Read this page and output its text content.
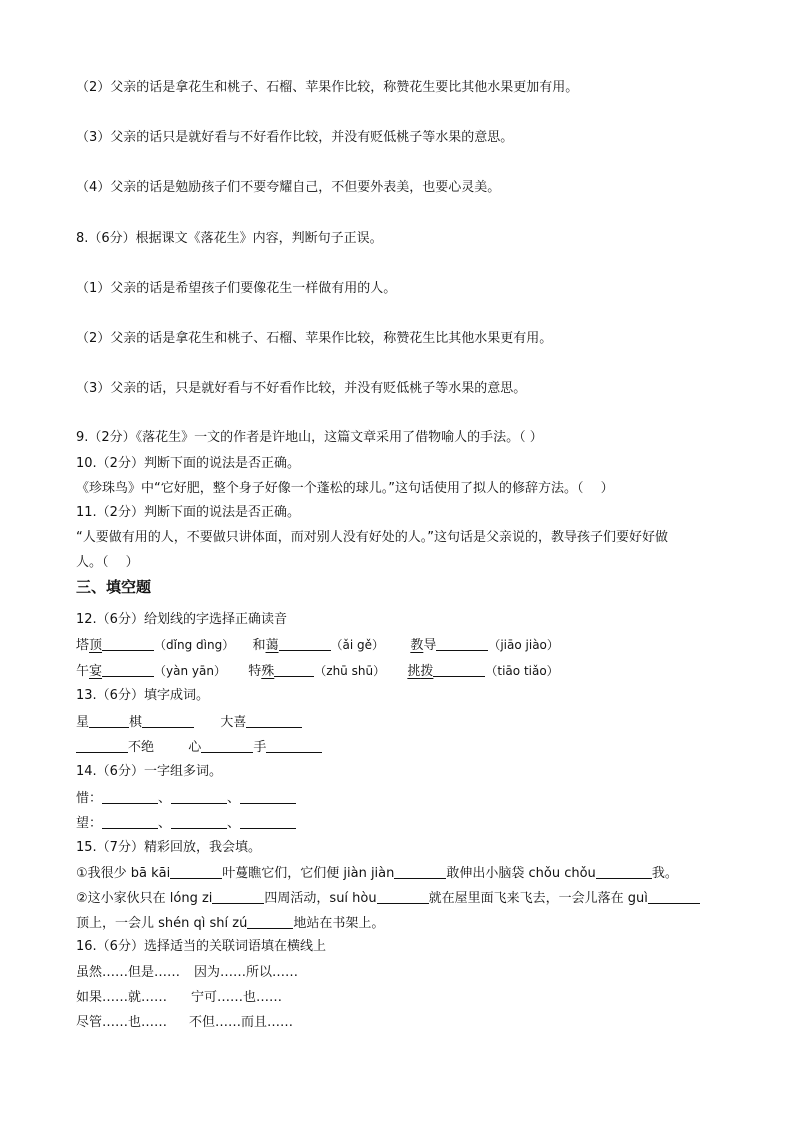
（2）父亲的话是拿花生和桃子、石榴、苹果作比较，称赞花生要比其他水果更加有用。
（3）父亲的话只是就好看与不好看作比较，并没有贬低桃子等水果的意思。
（4）父亲的话是勉励孩子们不要夸耀自己，不但要外表美，也要心灵美。
8.（6分）根据课文《落花生》内容，判断句子正误。
（1）父亲的话是希望孩子们要像花生一样做有用的人。
（2）父亲的话是拿花生和桃子、石榴、苹果作比较，称赞花生比其他水果更有用。
（3）父亲的话，只是就好看与不好看作比较，并没有贬低桃子等水果的意思。
9.（2分）《落花生》一文的作者是许地山，这篇文章采用了借物喻人的手法。（ ）
10.（2分）判断下面的说法是否正确。
《珍珠鸟》中“它好肥，整个身子好像一个蓬松的球儿。”这句话使用了拟人的修辞方法。（　 ）
11.（2分）判断下面的说法是否正确。
“人要做有用的人，不要做只讲体面，而对别人没有好处的人。”这句话是父亲说的，教导孩子们要好好做
人。（　 ）
三、填空题
12.（6分）给划线的字选择正确读音
塔顶	（dǐng dìng） 和蔼	（ǎi gě） 教导	（jiāo jiào）
午宴	（yàn yān） 特殊	（zhū shū） 挑拨	（tiāo tiǎo）
13.（6分）填字成词。
星	棋	大喜
不绝	心	手
14.（6分）一字组多词。
惜：	、	、
望：	、	、
15.（7分）精彩回放，我会填。
①我很少 bā kāi	叶蔓瞧它们，它们便 jiàn jiàn	敢伸出小脑袋 chǒu chǒu	我。
②这小家伙只在 lóng zi	四周活动，suí hòu	就在屋里面飞来飞去，一会儿落在 guì
顶上，一会儿 shén qì shí zú	地站在书架上。
16.（6分）选择适当的关联词语填在横线上
虽然……但是…… 因为……所以……
如果……就…… 宁可……也……
尽管……也…… 不但……而且……
